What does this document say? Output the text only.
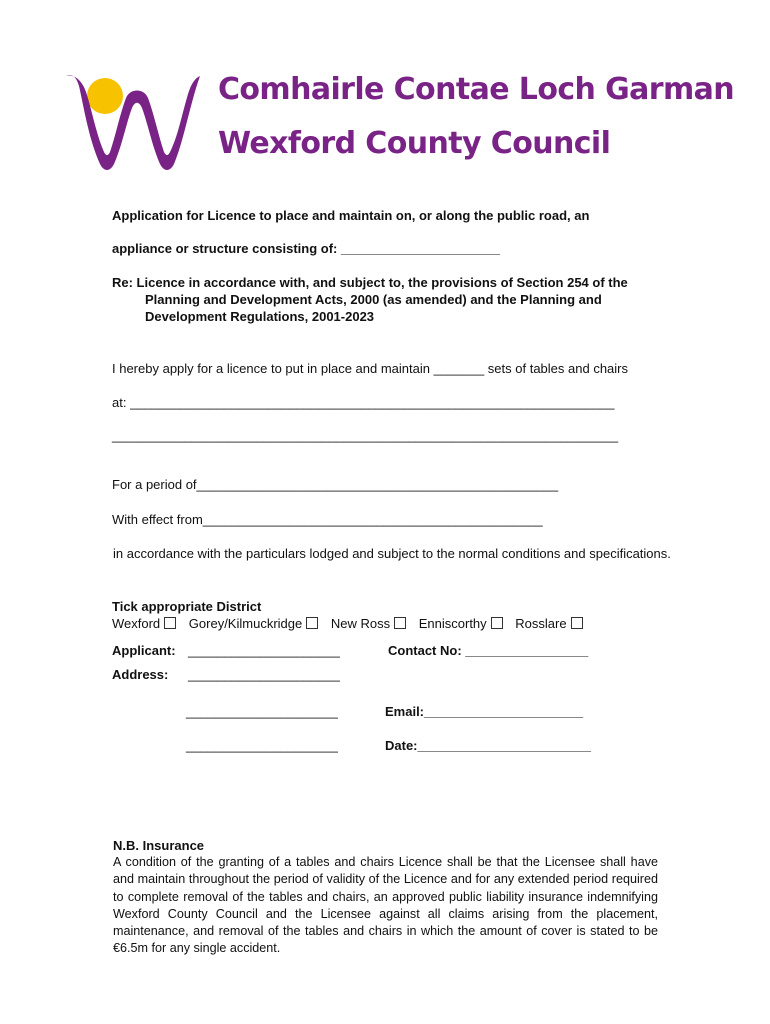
Comhairle Contae Loch Garman
Wexford County Council
Application for Licence to place and maintain on, or along the public road, an
appliance or structure consisting of: ______________________
Re: Licence in accordance with, and subject to, the provisions of Section 254 of the
Planning and Development Acts, 2000 (as amended) and the Planning and
Development Regulations, 2001-2023
I hereby apply for a licence to put in place and maintain _______ sets of tables and chairs
at: ___________________________________________________________________
______________________________________________________________________
For a period of__________________________________________________
With effect from_______________________________________________
in accordance with the particulars lodged and subject to the normal conditions and specifications.
Tick appropriate District
Wexford Gorey/Kilmuckridge New Ross Enniscorthy Rosslare
Applicant: _____________________	Contact No: _________________
Address: _____________________
_____________________	Email:______________________
_____________________	Date:________________________
N.B. Insurance
A condition of the granting of a tables and chairs Licence shall be that the Licensee shall have and maintain throughout the period of validity of the Licence and for any extended period required to complete removal of the tables and chairs, an approved public liability insurance indemnifying Wexford County Council and the Licensee against all claims arising from the placement, maintenance, and removal of the tables and chairs in which the amount of cover is stated to be €6.5m for any single accident.
